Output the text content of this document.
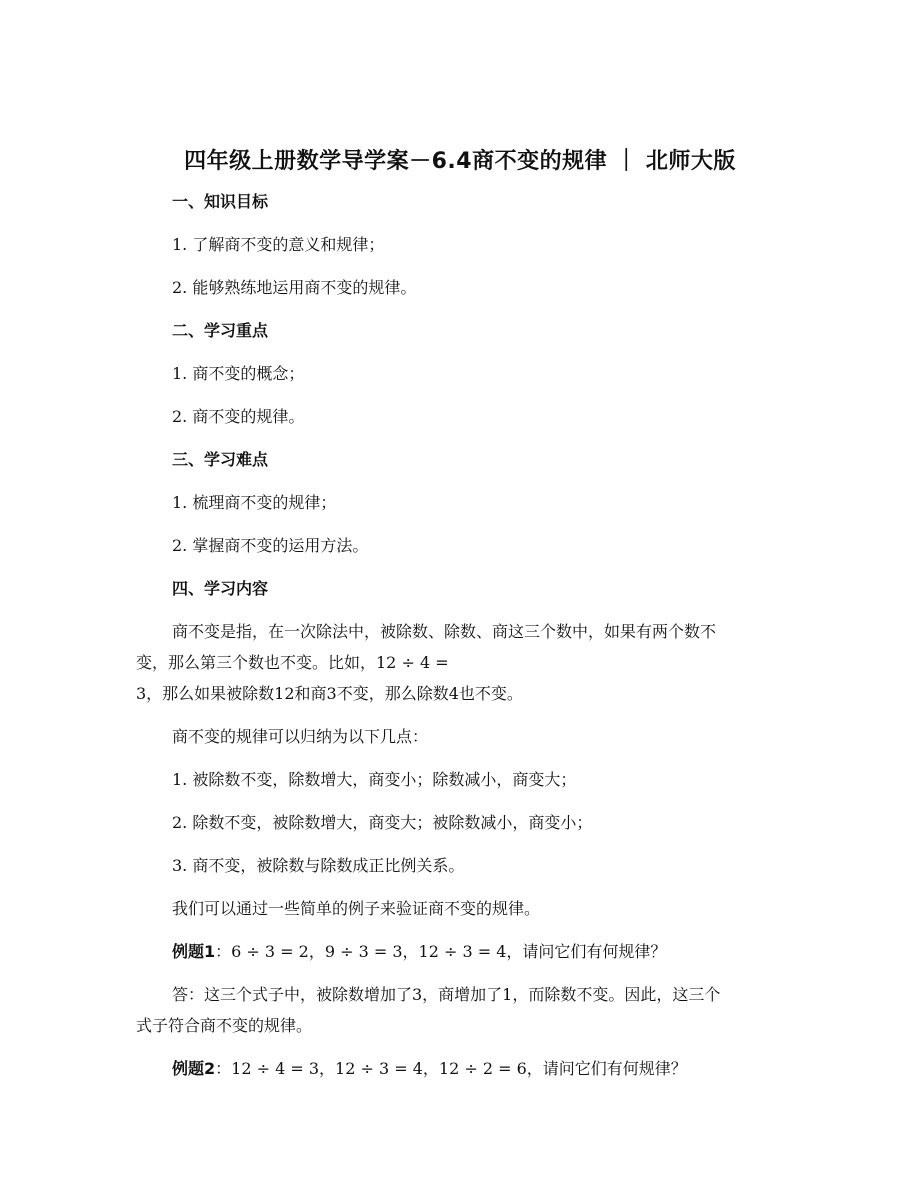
四年级上册数学导学案－6.4商不变的规律 ｜ 北师大版
一、知识目标
1. 了解商不变的意义和规律；
2. 能够熟练地运用商不变的规律。
二、学习重点
1. 商不变的概念；
2. 商不变的规律。
三、学习难点
1. 梳理商不变的规律；
2. 掌握商不变的运用方法。
四、学习内容
商不变是指，在一次除法中，被除数、除数、商这三个数中，如果有两个数不
变，那么第三个数也不变。比如，12 ÷ 4 =
3，那么如果被除数12和商3不变，那么除数4也不变。
商不变的规律可以归纳为以下几点：
1. 被除数不变，除数增大，商变小；除数减小，商变大；
2. 除数不变，被除数增大，商变大；被除数减小，商变小；
3. 商不变，被除数与除数成正比例关系。
我们可以通过一些简单的例子来验证商不变的规律。
例题1：6 ÷ 3 = 2，9 ÷ 3 = 3，12 ÷ 3 = 4，请问它们有何规律？
答：这三个式子中，被除数增加了3，商增加了1，而除数不变。因此，这三个
式子符合商不变的规律。
例题2：12 ÷ 4 = 3，12 ÷ 3 = 4，12 ÷ 2 = 6，请问它们有何规律？
